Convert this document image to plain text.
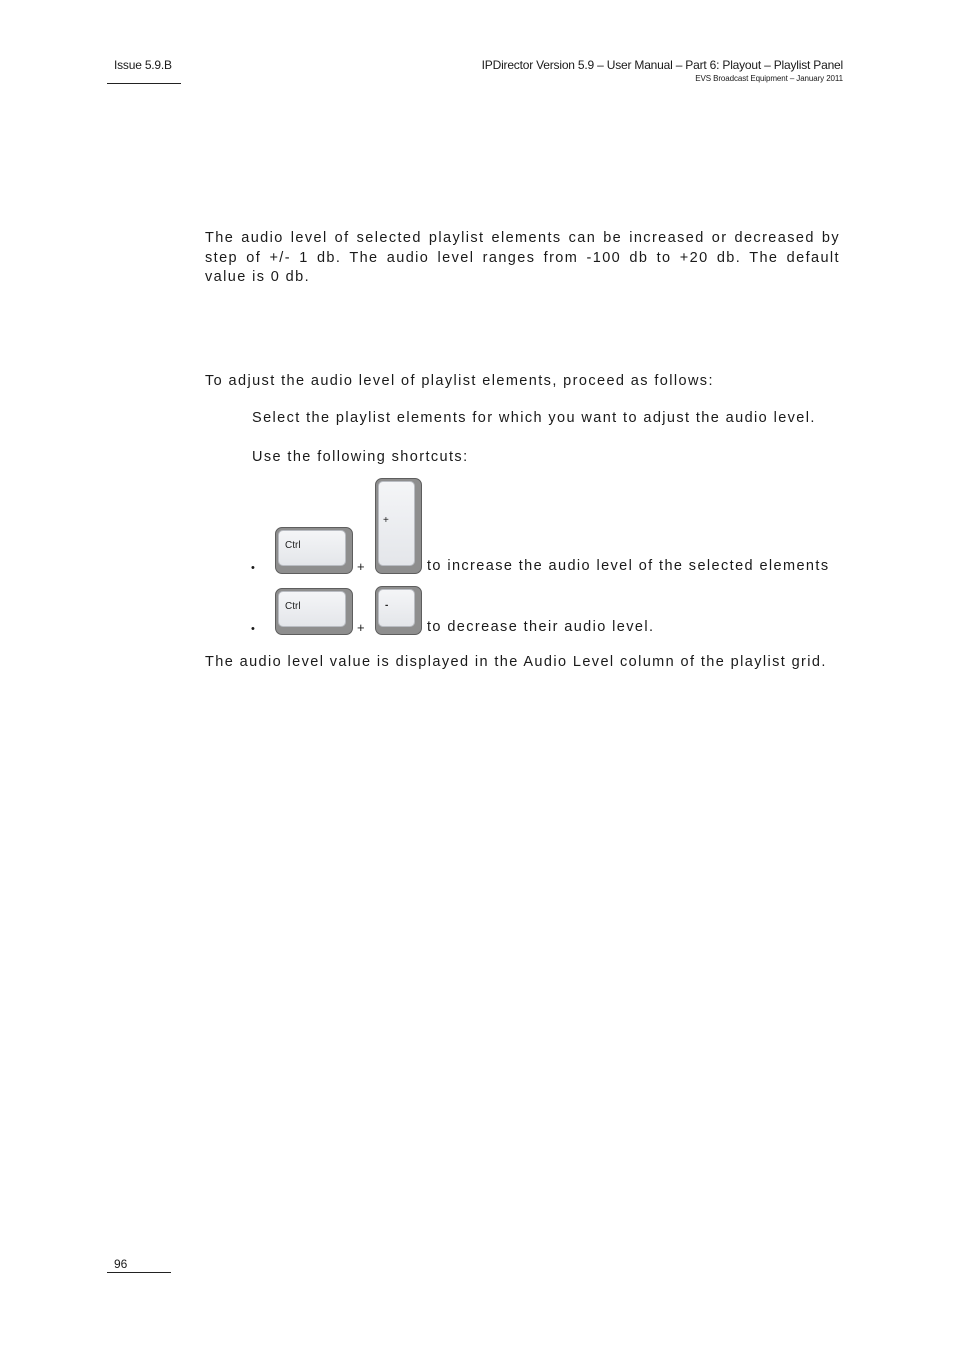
Issue 5.9.B	IPDirector Version 5.9 – User Manual – Part 6: Playout – Playlist Panel
EVS Broadcast Equipment – January 2011

The audio level of selected playlist elements can be increased or decreased by step of +/- 1 db. The audio level ranges from -100 db to +20 db. The default value is 0 db.

To adjust the audio level of playlist elements, proceed as follows:

Select the playlist elements for which you want to adjust the audio level.
Use the following shortcuts:
•
Ctrl
+
+
to increase the audio level of the selected elements
•
Ctrl
+
-
to decrease their audio level.

The audio level value is displayed in the Audio Level column of the playlist grid.

96
